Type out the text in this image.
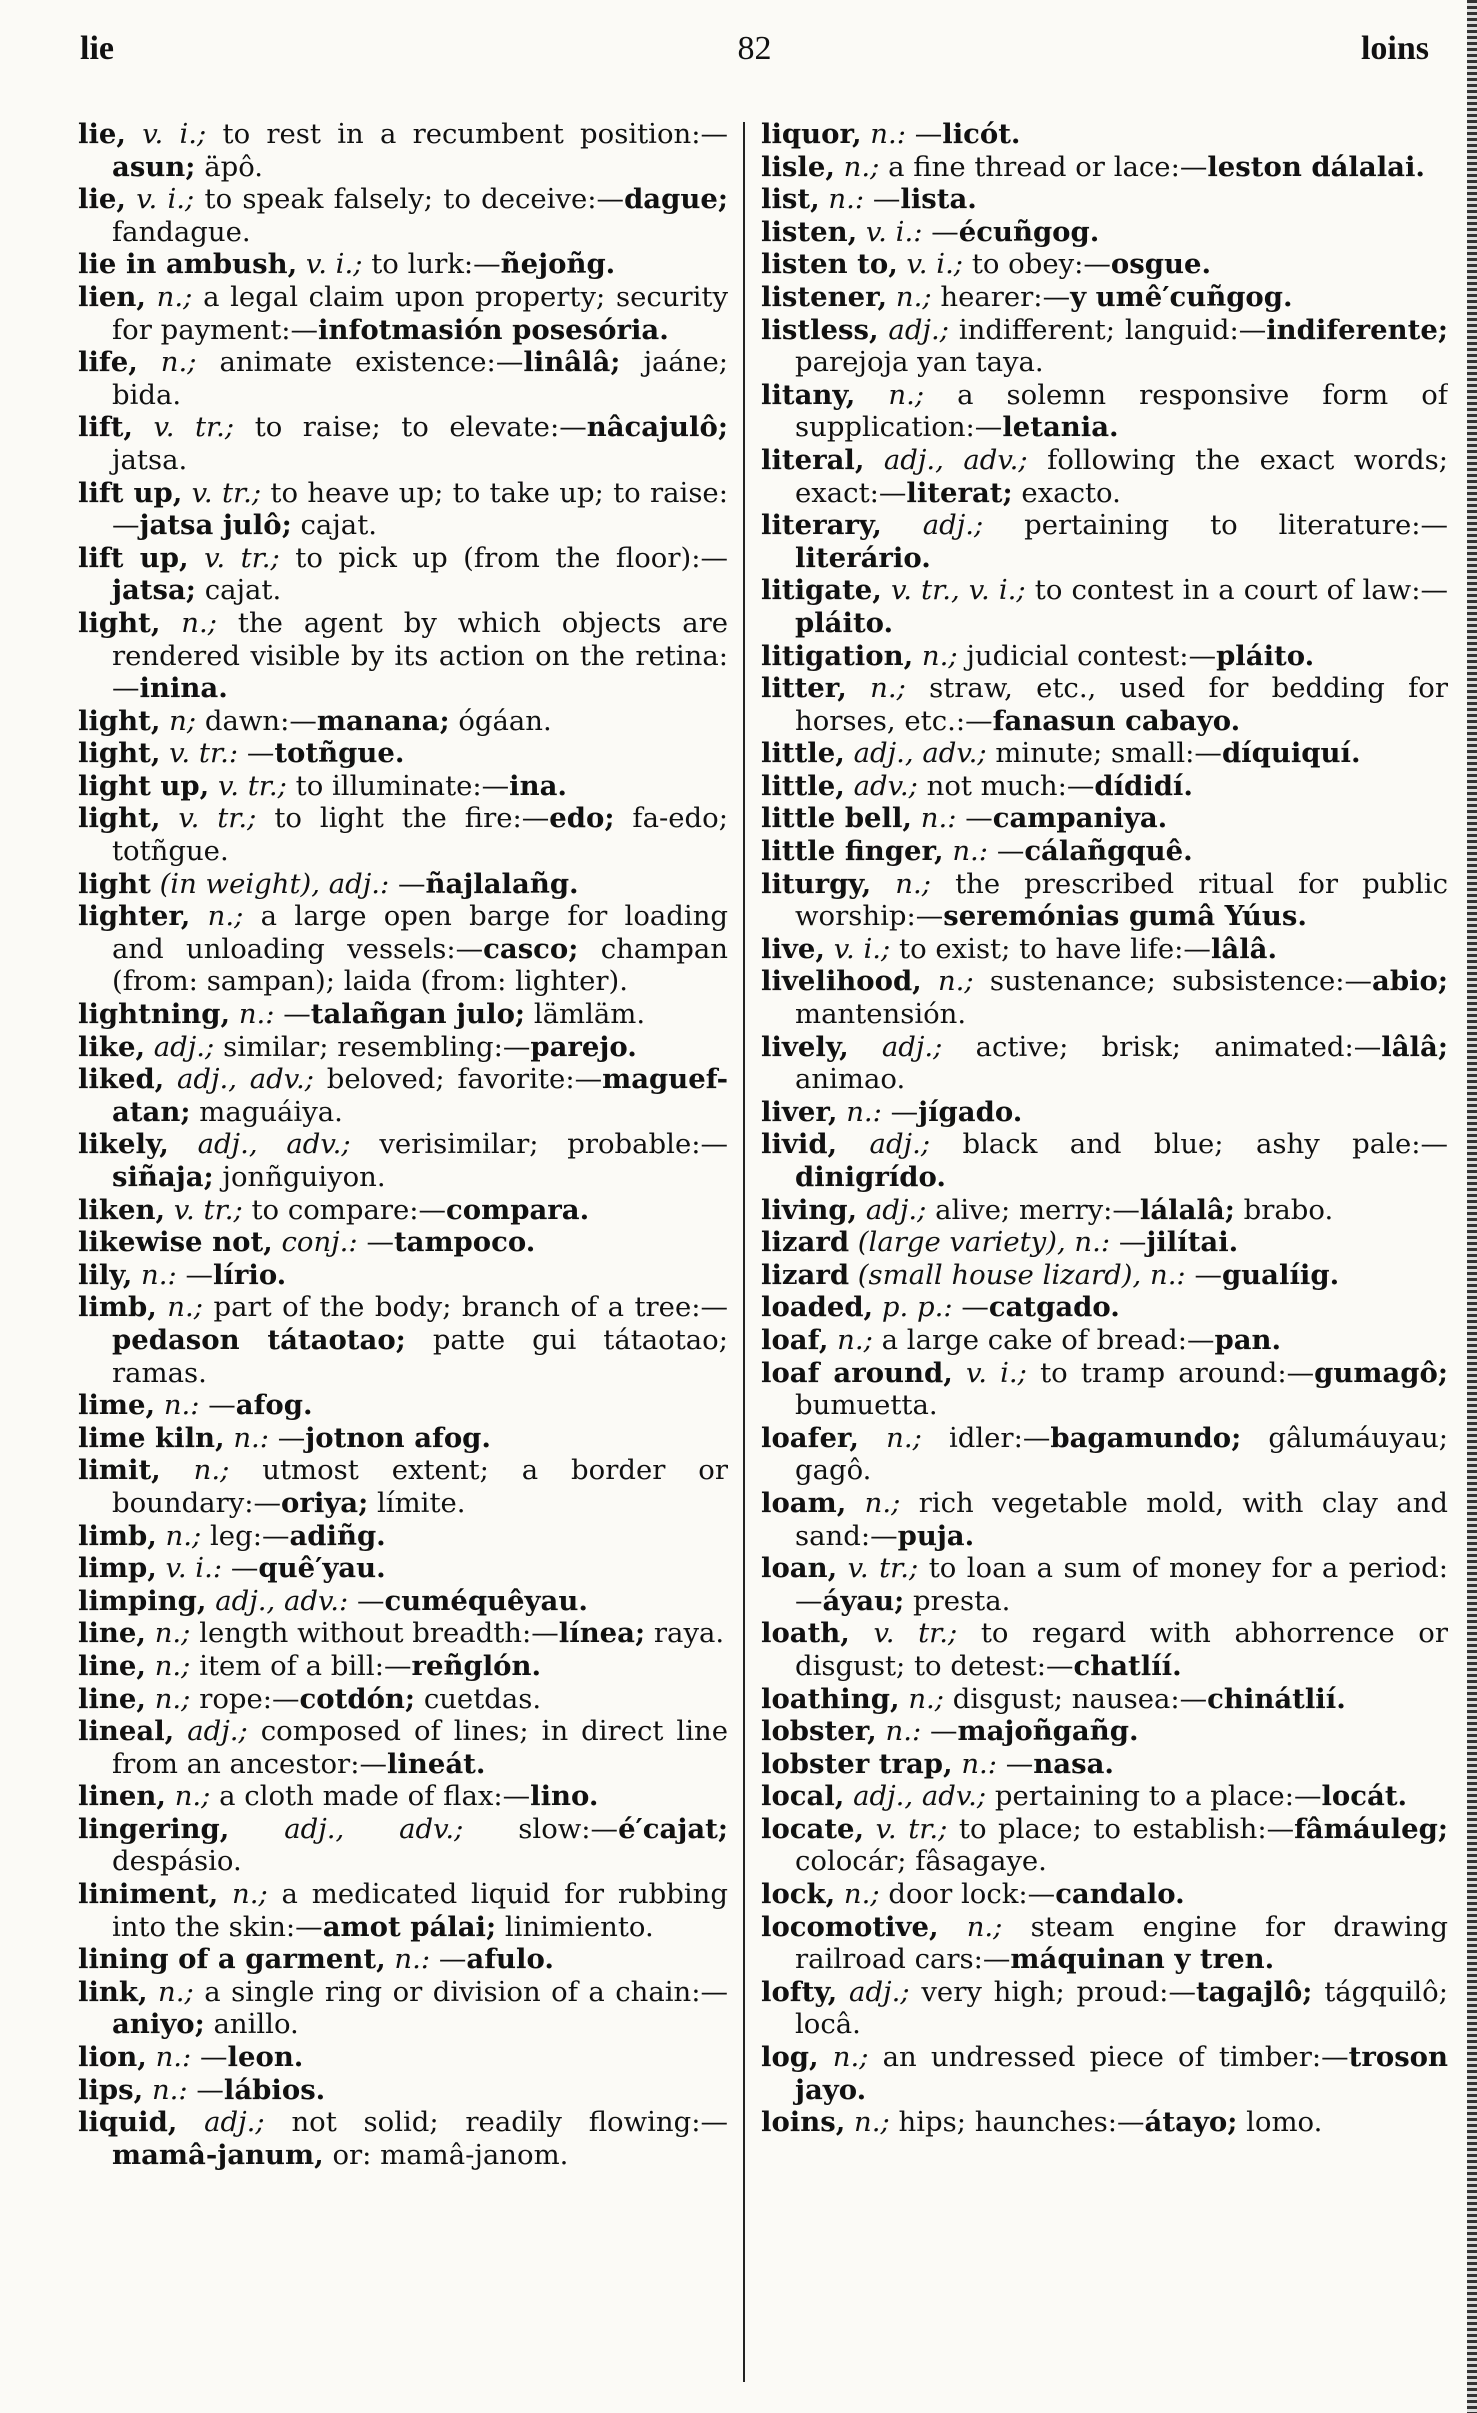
lie	82	loins
lie, v. i.; to rest in a recumbent position:—asun; äpô.
lie, v. i.; to speak falsely; to deceive:—dague; fandague.
lie in ambush, v. i.; to lurk:—ñejoñg.
lien, n.; a legal claim upon property; security for payment:—infotmasión posesória.
life, n.; animate existence:—linâlâ; jaáne; bida.
lift, v. tr.; to raise; to elevate:—nâcajulô; jatsa.
lift up, v. tr.; to heave up; to take up; to raise:—jatsa julô; cajat.
lift up, v. tr.; to pick up (from the floor):—jatsa; cajat.
light, n.; the agent by which objects are rendered visible by its action on the retina:—inina.
light, n; dawn:—manana; ógáan.
light, v. tr.: —totñgue.
light up, v. tr.; to illuminate:—ina.
light, v. tr.; to light the fire:—edo; fa-edo; totñgue.
light (in weight), adj.: —ñajlalañg.
lighter, n.; a large open barge for loading and unloading vessels:—casco; champan (from: sampan); laida (from: lighter).
lightning, n.: —talañgan julo; lämläm.
like, adj.; similar; resembling:—parejo.
liked, adj., adv.; beloved; favorite:—maguef-atan; maguáiya.
likely, adj., adv.; verisimilar; probable:—siñaja; jonñguiyon.
liken, v. tr.; to compare:—compara.
likewise not, conj.: —tampoco.
lily, n.: —lírio.
limb, n.; part of the body; branch of a tree:—pedason tátaotao; patte gui tátaotao; ramas.
lime, n.: —afog.
lime kiln, n.: —jotnon afog.
limit, n.; utmost extent; a border or boundary:—oriya; límite.
limb, n.; leg:—adiñg.
limp, v. i.: —quê′yau.
limping, adj., adv.: —cuméquêyau.
line, n.; length without breadth:—línea; raya.
line, n.; item of a bill:—reñglón.
line, n.; rope:—cotdón; cuetdas.
lineal, adj.; composed of lines; in direct line from an ancestor:—lineát.
linen, n.; a cloth made of flax:—lino.
lingering, adj., adv.; slow:—é′cajat; despásio.
liniment, n.; a medicated liquid for rubbing into the skin:—amot pálai; linimiento.
lining of a garment, n.: —afulo.
link, n.; a single ring or division of a chain:—aniyo; anillo.
lion, n.: —leon.
lips, n.: —lábios.
liquid, adj.; not solid; readily flowing:—mamâ-janum, or: mamâ-janom.
liquor, n.: —licót.
lisle, n.; a fine thread or lace:—leston dálalai.
list, n.: —lista.
listen, v. i.: —écuñgog.
listen to, v. i.; to obey:—osgue.
listener, n.; hearer:—y umê′cuñgog.
listless, adj.; indifferent; languid:—indiferente; parejoja yan taya.
litany, n.; a solemn responsive form of supplication:—letania.
literal, adj., adv.; following the exact words; exact:—literat; exacto.
literary, adj.; pertaining to literature:—literário.
litigate, v. tr., v. i.; to contest in a court of law:—pláito.
litigation, n.; judicial contest:—pláito.
litter, n.; straw, etc., used for bedding for horses, etc.:—fanasun cabayo.
little, adj., adv.; minute; small:—díquiquí.
little, adv.; not much:—dídidí.
little bell, n.: —campaniya.
little finger, n.: —cálañgquê.
liturgy, n.; the prescribed ritual for public worship:—seremónias gumâ Yúus.
live, v. i.; to exist; to have life:—lâlâ.
livelihood, n.; sustenance; subsistence:—abio; mantensión.
lively, adj.; active; brisk; animated:—lâlâ; animao.
liver, n.: —jígado.
livid, adj.; black and blue; ashy pale:—dinigrído.
living, adj.; alive; merry:—lálalâ; brabo.
lizard (large variety), n.: —jilítai.
lizard (small house lizard), n.: —gualíig.
loaded, p. p.: —catgado.
loaf, n.; a large cake of bread:—pan.
loaf around, v. i.; to tramp around:—gumagô; bumuetta.
loafer, n.; idler:—bagamundo; gâlumáuyau; gagô.
loam, n.; rich vegetable mold, with clay and sand:—puja.
loan, v. tr.; to loan a sum of money for a period:—áyau; presta.
loath, v. tr.; to regard with abhorrence or disgust; to detest:—chatlíí.
loathing, n.; disgust; nausea:—chinátlií.
lobster, n.: —majoñgañg.
lobster trap, n.: —nasa.
local, adj., adv.; pertaining to a place:—locát.
locate, v. tr.; to place; to establish:—fâmáuleg; colocár; fâsagaye.
lock, n.; door lock:—candalo.
locomotive, n.; steam engine for drawing railroad cars:—máquinan y tren.
lofty, adj.; very high; proud:—tagajlô; tágquilô; locâ.
log, n.; an undressed piece of timber:—troson jayo.
loins, n.; hips; haunches:—átayo; lomo.
